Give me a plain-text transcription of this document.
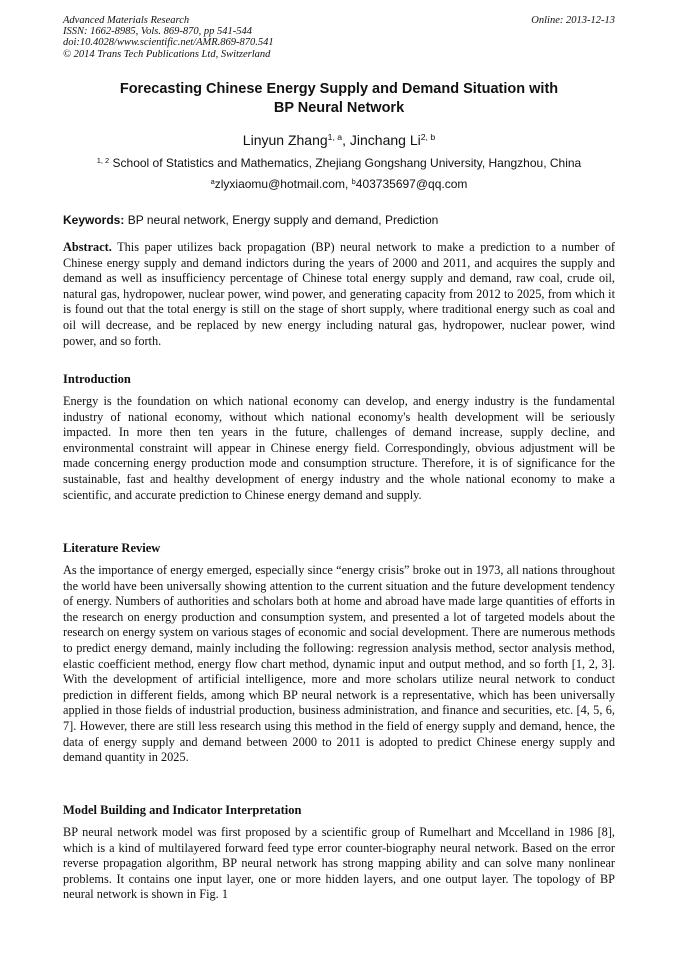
Advanced Materials Research
ISSN: 1662-8985, Vols. 869-870, pp 541-544
doi:10.4028/www.scientific.net/AMR.869-870.541
© 2014 Trans Tech Publications Ltd, Switzerland
Online: 2013-12-13
Forecasting Chinese Energy Supply and Demand Situation with
BP Neural Network
Linyun Zhang$^{1, a}$, Jinchang Li$^{2, b}$
$^{1, 2}$ School of Statistics and Mathematics, Zhejiang Gongshang University, Hangzhou, China
$^a$zlyxiaomu@hotmail.com, $^b$403735697@qq.com
Keywords: BP neural network, Energy supply and demand, Prediction
Abstract. This paper utilizes back propagation (BP) neural network to make a prediction to a number of Chinese energy supply and demand indictors during the years of 2000 and 2011, and acquires the supply and demand as well as insufficiency percentage of Chinese total energy supply and demand, raw coal, crude oil, natural gas, hydropower, nuclear power, wind power, and generating capacity from 2012 to 2025, from which it is found out that the total energy is still on the stage of short supply, where traditional energy such as coal and oil will decrease, and be replaced by new energy including natural gas, hydropower, nuclear power, wind power, and so forth.
Introduction
Energy is the foundation on which national economy can develop, and energy industry is the fundamental industry of national economy, without which national economy's health development will be seriously impacted. In more then ten years in the future, challenges of demand increase, supply decline, and environmental constraint will appear in Chinese energy field. Correspondingly, obvious adjustment will be made concerning energy production mode and consumption structure. Therefore, it is of significance for the sustainable, fast and healthy development of energy industry and the whole national economy to make a scientific, and accurate prediction to Chinese energy demand and supply.
Literature Review
As the importance of energy emerged, especially since “energy crisis” broke out in 1973, all nations throughout the world have been universally showing attention to the current situation and the future development tendency of energy. Numbers of authorities and scholars both at home and abroad have made large quantities of efforts in the research on energy production and consumption system, and presented a lot of targeted models about the research on energy system on various stages of economic and social development. There are numerous methods to predict energy demand, mainly including the following: regression analysis method, sector analysis method, elastic coefficient method, energy flow chart method, dynamic input and output method, and so forth [1, 2, 3]. With the development of artificial intelligence, more and more scholars utilize neural network to conduct prediction in different fields, among which BP neural network is a representative, which has been universally applied in those fields of industrial production, business administration, and finance and securities, etc. [4, 5, 6, 7]. However, there are still less research using this method in the field of energy supply and demand, hence, the data of energy supply and demand between 2000 to 2011 is adopted to predict Chinese energy supply and demand quantity in 2025.
Model Building and Indicator Interpretation
BP neural network model was first proposed by a scientific group of Rumelhart and Mccelland in 1986 [8], which is a kind of multilayered forward feed type error counter-biography neural network. Based on the error reverse propagation algorithm, BP neural network has strong mapping ability and can solve many nonlinear problems. It contains one input layer, one or more hidden layers, and one output layer. The topology of BP neural network is shown in Fig. 1
